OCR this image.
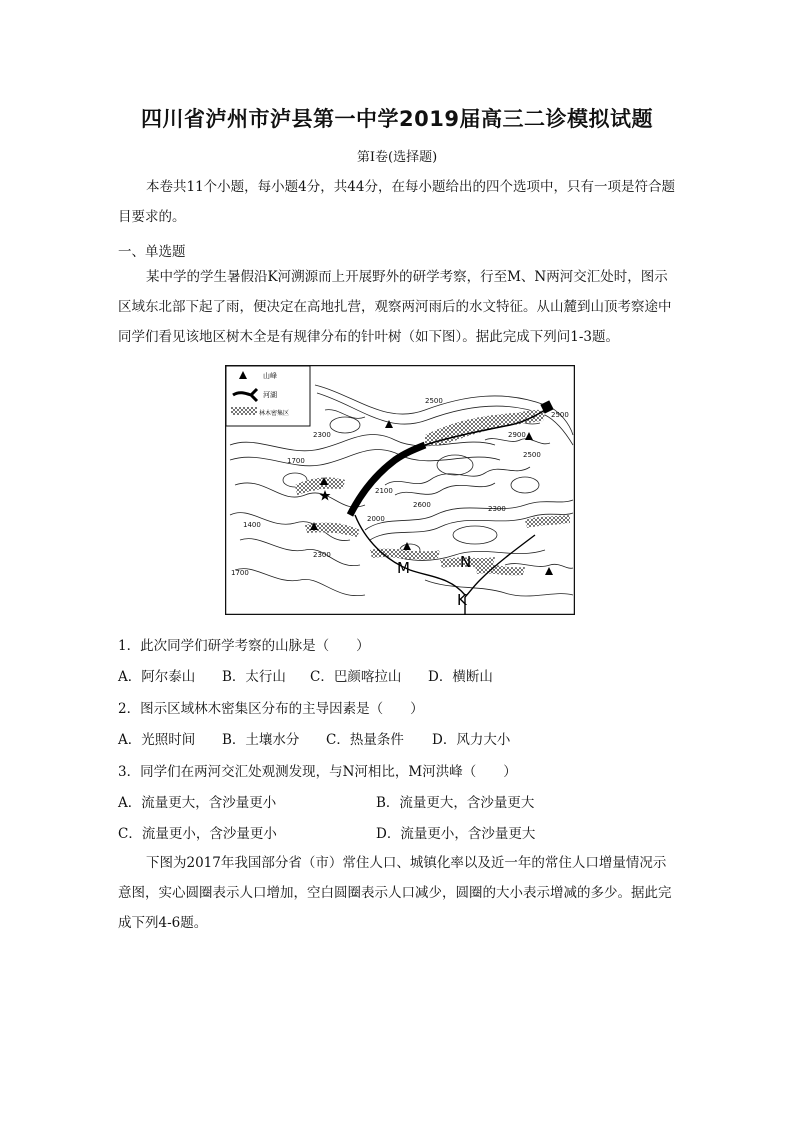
四川省泸州市泸县第一中学2019届高三二诊模拟试题
第I卷(选择题)
本卷共11个小题，每小题4分，共44分，在每小题给出的四个选项中，只有一项是符合题目要求的。
一、单选题
某中学的学生暑假沿K河溯源而上开展野外的研学考察，行至M、N两河交汇处时，图示区域东北部下起了雨，便决定在高地扎营，观察两河雨后的水文特征。从山麓到山顶考察途中同学们看见该地区树木全是有规律分布的针叶树（如下图）。据此完成下列问1-3题。
2500
2500
2300
1700
1400
2100
2000
2600
2900
2300
2300
1700
2500
M	N
K
山峰
河湖
林木密集区
1．此次同学们研学考察的山脉是（　　）
A．阿尔泰山 B．太行山 C．巴颜喀拉山 D．横断山
2．图示区域林木密集区分布的主导因素是（　　）
A．光照时间 B．土壤水分 C．热量条件 D．风力大小
3．同学们在两河交汇处观测发现，与N河相比，M河洪峰（　　）
A．流量更大，含沙量更小	B．流量更大，含沙量更大
C．流量更小，含沙量更小	D．流量更小，含沙量更大
下图为2017年我国部分省（市）常住人口、城镇化率以及近一年的常住人口增量情况示意图，实心圆圈表示人口增加，空白圆圈表示人口减少，圆圈的大小表示增减的多少。据此完成下列4-6题。
